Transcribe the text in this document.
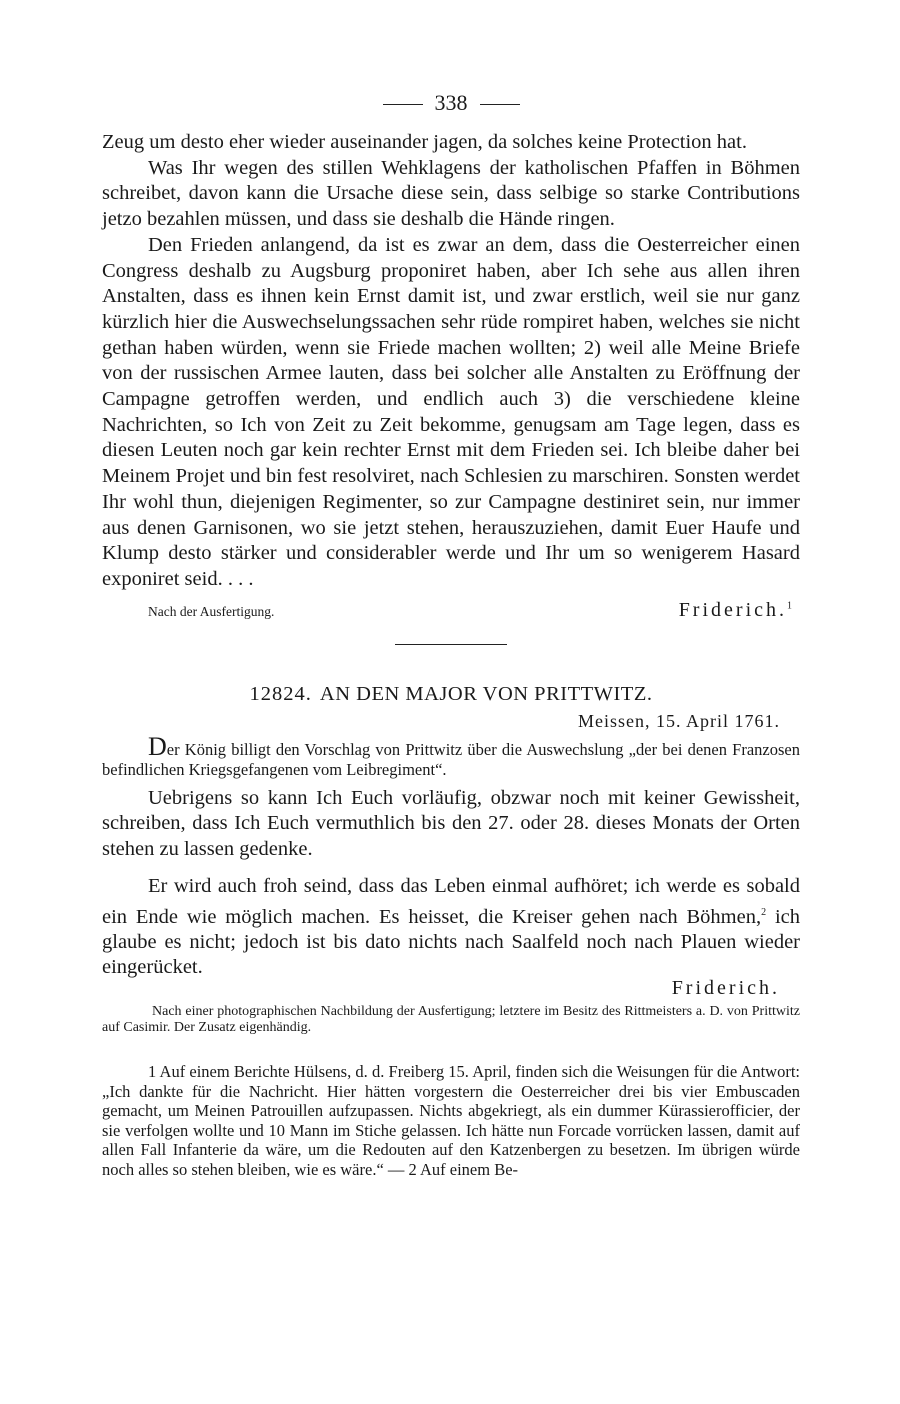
338

Zeug um desto eher wieder auseinander jagen, da solches keine Protection hat.

Was Ihr wegen des stillen Wehklagens der katholischen Pfaffen in Böhmen schreibet, davon kann die Ursache diese sein, dass selbige so starke Contributions jetzo bezahlen müssen, und dass sie deshalb die Hände ringen.

Den Frieden anlangend, da ist es zwar an dem, dass die Oesterreicher einen Congress deshalb zu Augsburg proponiret haben, aber Ich sehe aus allen ihren Anstalten, dass es ihnen kein Ernst damit ist, und zwar erstlich, weil sie nur ganz kürzlich hier die Auswechselungssachen sehr rüde rompiret haben, welches sie nicht gethan haben würden, wenn sie Friede machen wollten; 2) weil alle Meine Briefe von der russischen Armee lauten, dass bei solcher alle Anstalten zu Eröffnung der Campagne getroffen werden, und endlich auch 3) die verschiedene kleine Nachrichten, so Ich von Zeit zu Zeit bekomme, genugsam am Tage legen, dass es diesen Leuten noch gar kein rechter Ernst mit dem Frieden sei. Ich bleibe daher bei Meinem Projet und bin fest resolviret, nach Schlesien zu marschiren. Sonsten werdet Ihr wohl thun, diejenigen Regimenter, so zur Campagne destiniret sein, nur immer aus denen Garnisonen, wo sie jetzt stehen, herauszuziehen, damit Euer Haufe und Klump desto stärker und considerabler werde und Ihr um so wenigerem Hasard exponiret seid. . . .

Nach der Ausfertigung.	Friderich.$^1$
12824. AN DEN MAJOR VON PRITTWITZ.
Meissen, 15. April 1761.
Der König billigt den Vorschlag von Prittwitz über die Auswechslung „der bei denen Franzosen befindlichen Kriegsgefangenen vom Leibregiment“.

Uebrigens so kann Ich Euch vorläufig, obzwar noch mit keiner Gewissheit, schreiben, dass Ich Euch vermuthlich bis den 27. oder 28. dieses Monats der Orten stehen zu lassen gedenke.

Er wird auch froh seind, dass das Leben einmal aufhöret; ich werde es sobald ein Ende wie möglich machen. Es heisset, die Kreiser gehen nach Böhmen,$^2$ ich glaube es nicht; jedoch ist bis dato nichts nach Saalfeld noch nach Plauen wieder eingerücket.

Friderich.
Nach einer photographischen Nachbildung der Ausfertigung; letztere im Besitz des Rittmeisters a. D. von Prittwitz auf Casimir. Der Zusatz eigenhändig.

1 Auf einem Berichte Hülsens, d. d. Freiberg 15. April, finden sich die Weisungen für die Antwort: „Ich dankte für die Nachricht. Hier hätten vorgestern die Oesterreicher drei bis vier Embuscaden gemacht, um Meinen Patrouillen aufzupassen. Nichts abgekriegt, als ein dummer Kürassierofficier, der sie verfolgen wollte und 10 Mann im Stiche gelassen. Ich hätte nun Forcade vorrücken lassen, damit auf allen Fall Infanterie da wäre, um die Redouten auf den Katzenbergen zu besetzen. Im übrigen würde noch alles so stehen bleiben, wie es wäre.“ — 2 Auf einem Be-
